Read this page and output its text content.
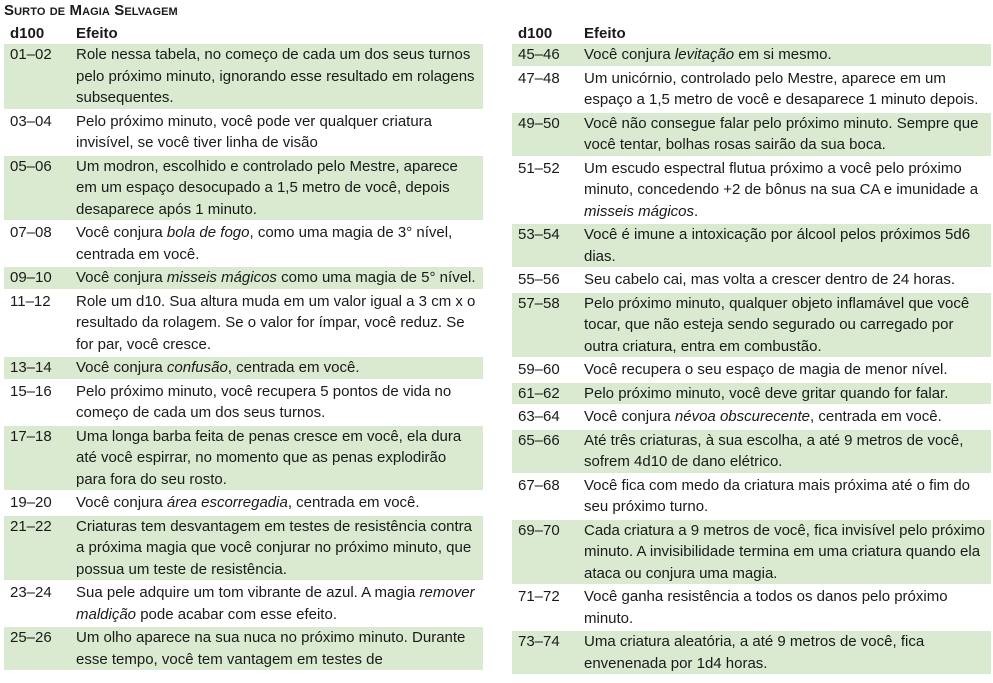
Surto de Magia Selvagem
d100	Efeito
01–02	Role nessa tabela, no começo de cada um dos seus turnos pelo próximo minuto, ignorando esse resultado em rolagens subsequentes.
03–04	Pelo próximo minuto, você pode ver qualquer criatura invisível, se você tiver linha de visão
05–06	Um modron, escolhido e controlado pelo Mestre, aparece em um espaço desocupado a 1,5 metro de você, depois desaparece após 1 minuto.
07–08	Você conjura bola de fogo, como uma magia de 3° nível, centrada em você.
09–10	Você conjura misseis mágicos como uma magia de 5° nível.
11–12	Role um d10. Sua altura muda em um valor igual a 3 cm x o resultado da rolagem. Se o valor for ímpar, você reduz. Se for par, você cresce.
13–14	Você conjura confusão, centrada em você.
15–16	Pelo próximo minuto, você recupera 5 pontos de vida no começo de cada um dos seus turnos.
17–18	Uma longa barba feita de penas cresce em você, ela dura até você espirrar, no momento que as penas explodirão para fora do seu rosto.
19–20	Você conjura área escorregadia, centrada em você.
21–22	Criaturas tem desvantagem em testes de resistência contra a próxima magia que você conjurar no próximo minuto, que possua um teste de resistência.
23–24	Sua pele adquire um tom vibrante de azul. A magia remover maldição pode acabar com esse efeito.
25–26	Um olho aparece na sua nuca no próximo minuto. Durante esse tempo, você tem vantagem em testes de
d100	Efeito
45–46	Você conjura levitação em si mesmo.
47–48	Um unicórnio, controlado pelo Mestre, aparece em um espaço a 1,5 metro de você e desaparece 1 minuto depois.
49–50	Você não consegue falar pelo próximo minuto. Sempre que você tentar, bolhas rosas sairão da sua boca.
51–52	Um escudo espectral flutua próximo a você pelo próximo minuto, concedendo +2 de bônus na sua CA e imunidade a misseis mágicos.
53–54	Você é imune a intoxicação por álcool pelos próximos 5d6 dias.
55–56	Seu cabelo cai, mas volta a crescer dentro de 24 horas.
57–58	Pelo próximo minuto, qualquer objeto inflamável que você tocar, que não esteja sendo segurado ou carregado por outra criatura, entra em combustão.
59–60	Você recupera o seu espaço de magia de menor nível.
61–62	Pelo próximo minuto, você deve gritar quando for falar.
63–64	Você conjura névoa obscurecente, centrada em você.
65–66	Até três criaturas, à sua escolha, a até 9 metros de você, sofrem 4d10 de dano elétrico.
67–68	Você fica com medo da criatura mais próxima até o fim do seu próximo turno.
69–70	Cada criatura a 9 metros de você, fica invisível pelo próximo minuto. A invisibilidade termina em uma criatura quando ela ataca ou conjura uma magia.
71–72	Você ganha resistência a todos os danos pelo próximo minuto.
73–74	Uma criatura aleatória, a até 9 metros de você, fica envenenada por 1d4 horas.
